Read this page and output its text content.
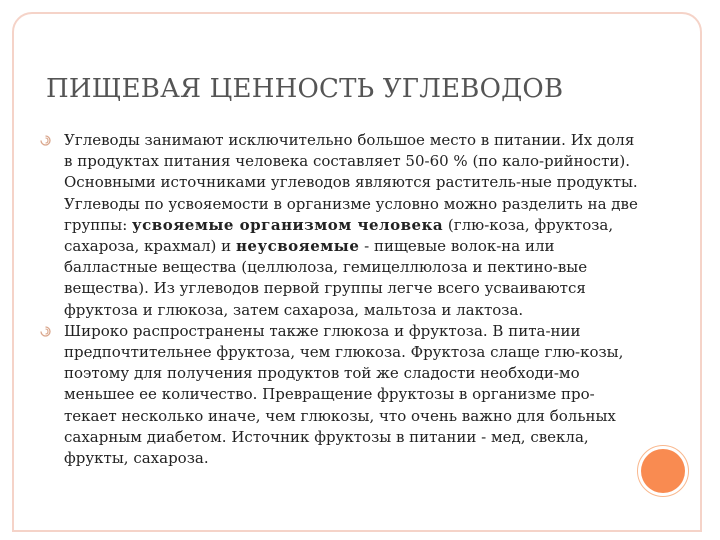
ПИЩЕВАЯ ЦЕННОСТЬ УГЛЕВОДОВ

Углеводы занимают исключительно большое место в питании. Их доля в продуктах питания человека составляет 50-60 % (по кало-рийности). Основными источниками углеводов являются раститель-ные продукты. Углеводы по усвояемости в организме условно можно разделить на две группы: усвояемые организмом человека (глю-коза, фруктоза, сахароза, крахмал) и неусвояемые - пищевые волок-на или балластные вещества (целлюлоза, гемицеллюлоза и пектино-вые вещества). Из углеводов первой группы легче всего усваиваются фруктоза и глюкоза, затем сахароза, мальтоза и лактоза.

Широко распространены также глюкоза и фруктоза. В пита-нии предпочтительнее фруктоза, чем глюкоза. Фруктоза слаще глю-козы, поэтому для получения продуктов той же сладости необходи-мо меньшее ее количество. Превращение фруктозы в организме про-текает несколько иначе, чем глюкозы, что очень важно для больных сахарным диабетом. Источник фруктозы в питании - мед, свекла, фрукты, сахароза.
